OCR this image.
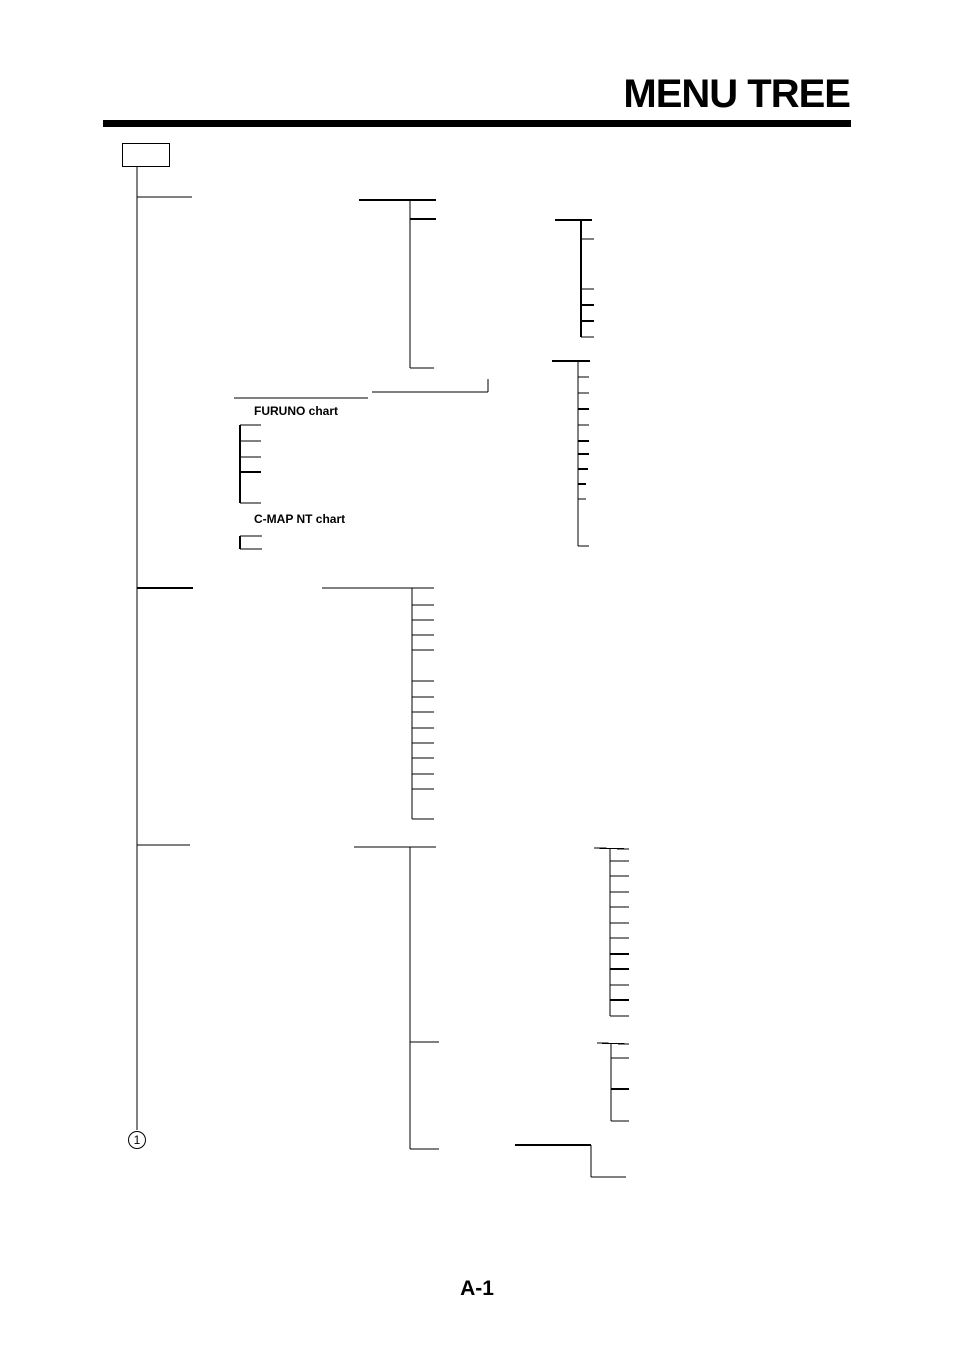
MENU TREE
FURUNO chart
C-MAP NT chart
1
A-1
